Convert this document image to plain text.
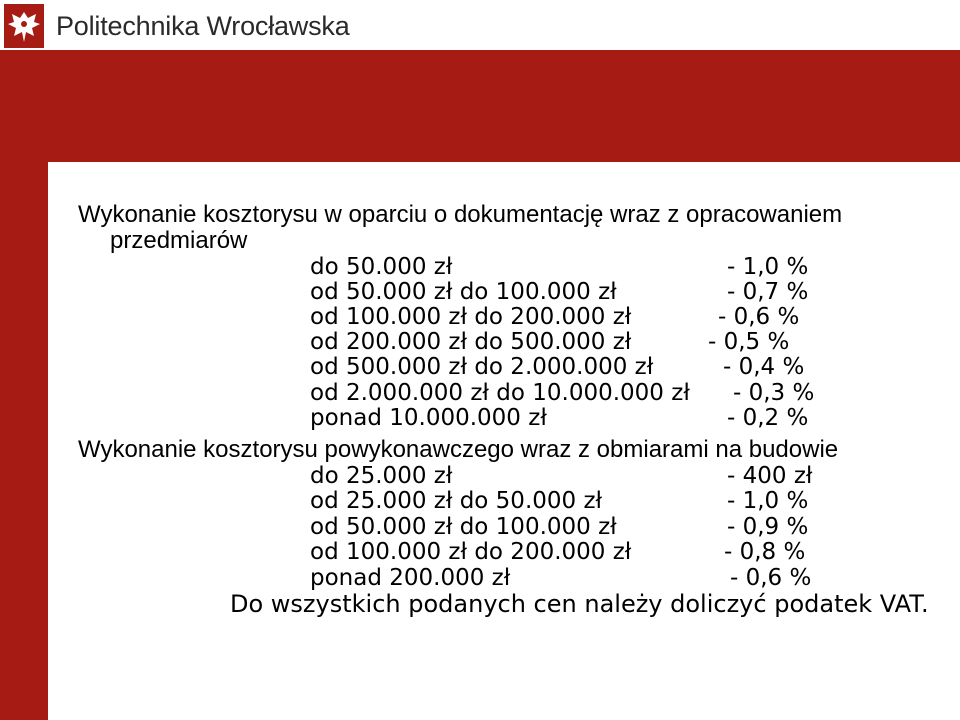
Politechnika Wrocławska
Wykonanie kosztorysu w oparciu o dokumentację wraz z opracowaniem
przedmiarów
do 50.000 zł	- 1,0 %
od 50.000 zł do 100.000 zł	- 0,7 %
od 100.000 zł do 200.000 zł	- 0,6 %
od 200.000 zł do 500.000 zł	- 0,5 %
od 500.000 zł do 2.000.000 zł	- 0,4 %
od 2.000.000 zł do 10.000.000 zł - 0,3 %
ponad 10.000.000 zł	- 0,2 %
Wykonanie kosztorysu powykonawczego wraz z obmiarami na budowie
do 25.000 zł	- 400 zł
od 25.000 zł do 50.000 zł	- 1,0 %
od 50.000 zł do 100.000 zł	- 0,9 %
od 100.000 zł do 200.000 zł	- 0,8 %
ponad 200.000 zł	- 0,6 %
Do wszystkich podanych cen należy doliczyć podatek VAT.
